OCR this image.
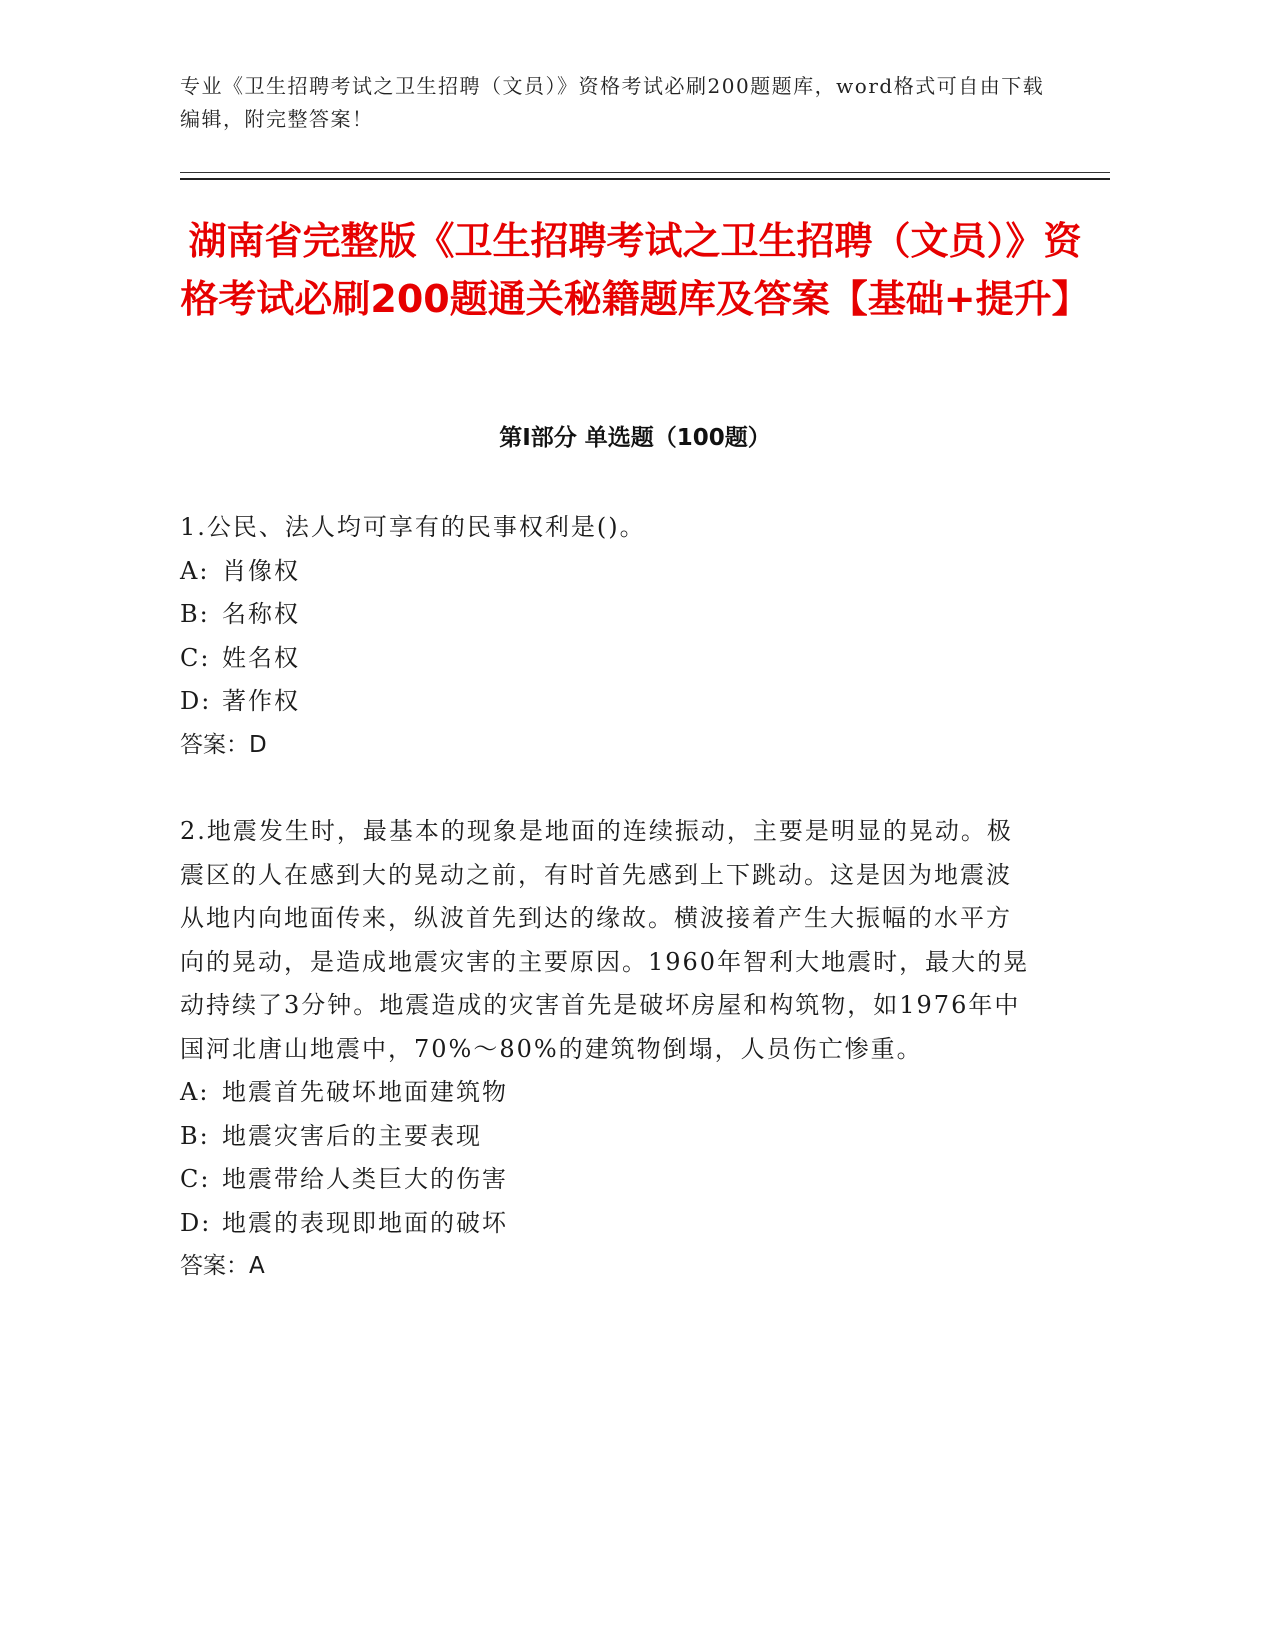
专业《卫生招聘考试之卫生招聘（文员）》资格考试必刷200题题库，word格式可自由下载编辑，附完整答案！
湖南省完整版《卫生招聘考试之卫生招聘（文员）》资格考试必刷200题通关秘籍题库及答案【基础+提升】
第I部分 单选题（100题）

1.公民、法人均可享有的民事权利是()。

A: 肖像权

B: 名称权

C: 姓名权

D: 著作权

答案：D

2.地震发生时，最基本的现象是地面的连续振动，主要是明显的晃动。极震区的人在感到大的晃动之前，有时首先感到上下跳动。这是因为地震波从地内向地面传来，纵波首先到达的缘故。横波接着产生大振幅的水平方向的晃动，是造成地震灾害的主要原因。1960年智利大地震时，最大的晃动持续了3分钟。地震造成的灾害首先是破坏房屋和构筑物，如1976年中国河北唐山地震中，70%～80%的建筑物倒塌，人员伤亡惨重。

A: 地震首先破坏地面建筑物

B: 地震灾害后的主要表现

C: 地震带给人类巨大的伤害

D: 地震的表现即地面的破坏

答案：A
